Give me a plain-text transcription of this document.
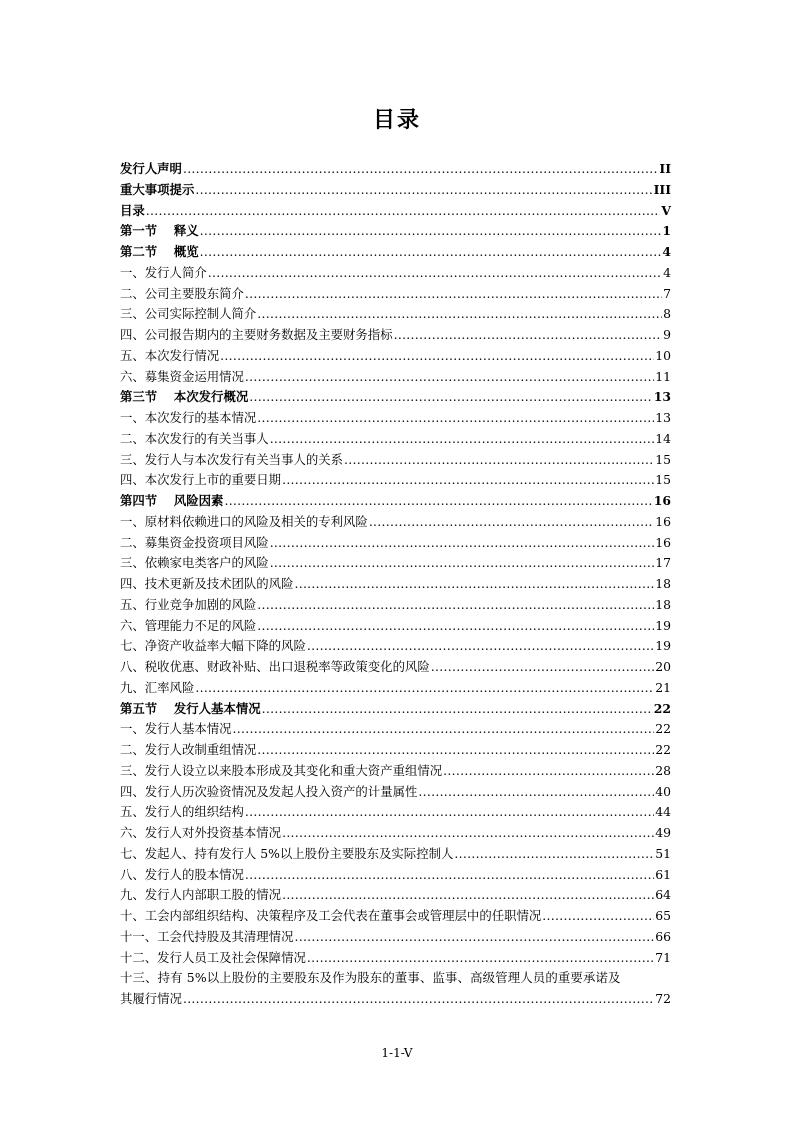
目录
发行人声明 .....	II
重大事项提示 .....	III
目录 .....	V
第一节　 释义 .....	1
第二节　 概览 .....	4
一、发行人简介 .....	4
二、公司主要股东简介 .....	7
三、公司实际控制人简介 .....	8
四、公司报告期内的主要财务数据及主要财务指标 .....	9
五、本次发行情况 .....	10
六、募集资金运用情况 .....	11
第三节　 本次发行概况 .....	13
一、本次发行的基本情况 .....	13
二、本次发行的有关当事人 .....	14
三、发行人与本次发行有关当事人的关系 .....	15
四、本次发行上市的重要日期 .....	15
第四节　 风险因素 .....	16
一、原材料依赖进口的风险及相关的专利风险 .....	16
二、募集资金投资项目风险 .....	16
三、依赖家电类客户的风险 .....	17
四、技术更新及技术团队的风险 .....	18
五、行业竞争加剧的风险 .....	18
六、管理能力不足的风险 .....	19
七、净资产收益率大幅下降的风险 .....	19
八、税收优惠、财政补贴、出口退税率等政策变化的风险 .....	20
九、汇率风险 .....	21
第五节　 发行人基本情况 .....	22
一、发行人基本情况 .....	22
二、发行人改制重组情况 .....	22
三、发行人设立以来股本形成及其变化和重大资产重组情况 .....	28
四、发行人历次验资情况及发起人投入资产的计量属性 .....	40
五、发行人的组织结构 .....	44
六、发行人对外投资基本情况 .....	49
七、发起人、持有发行人 5%以上股份主要股东及实际控制人 .....	51
八、发行人的股本情况 .....	61
九、发行人内部职工股的情况 .....	64
十、工会内部组织结构、决策程序及工会代表在董事会或管理层中的任职情况 .....	65
十一、工会代持股及其清理情况 .....	66
十二、发行人员工及社会保障情况 .....	71
十三、持有 5%以上股份的主要股东及作为股东的董事、监事、高级管理人员的重要承诺及
其履行情况 .....	72
1-1-V
